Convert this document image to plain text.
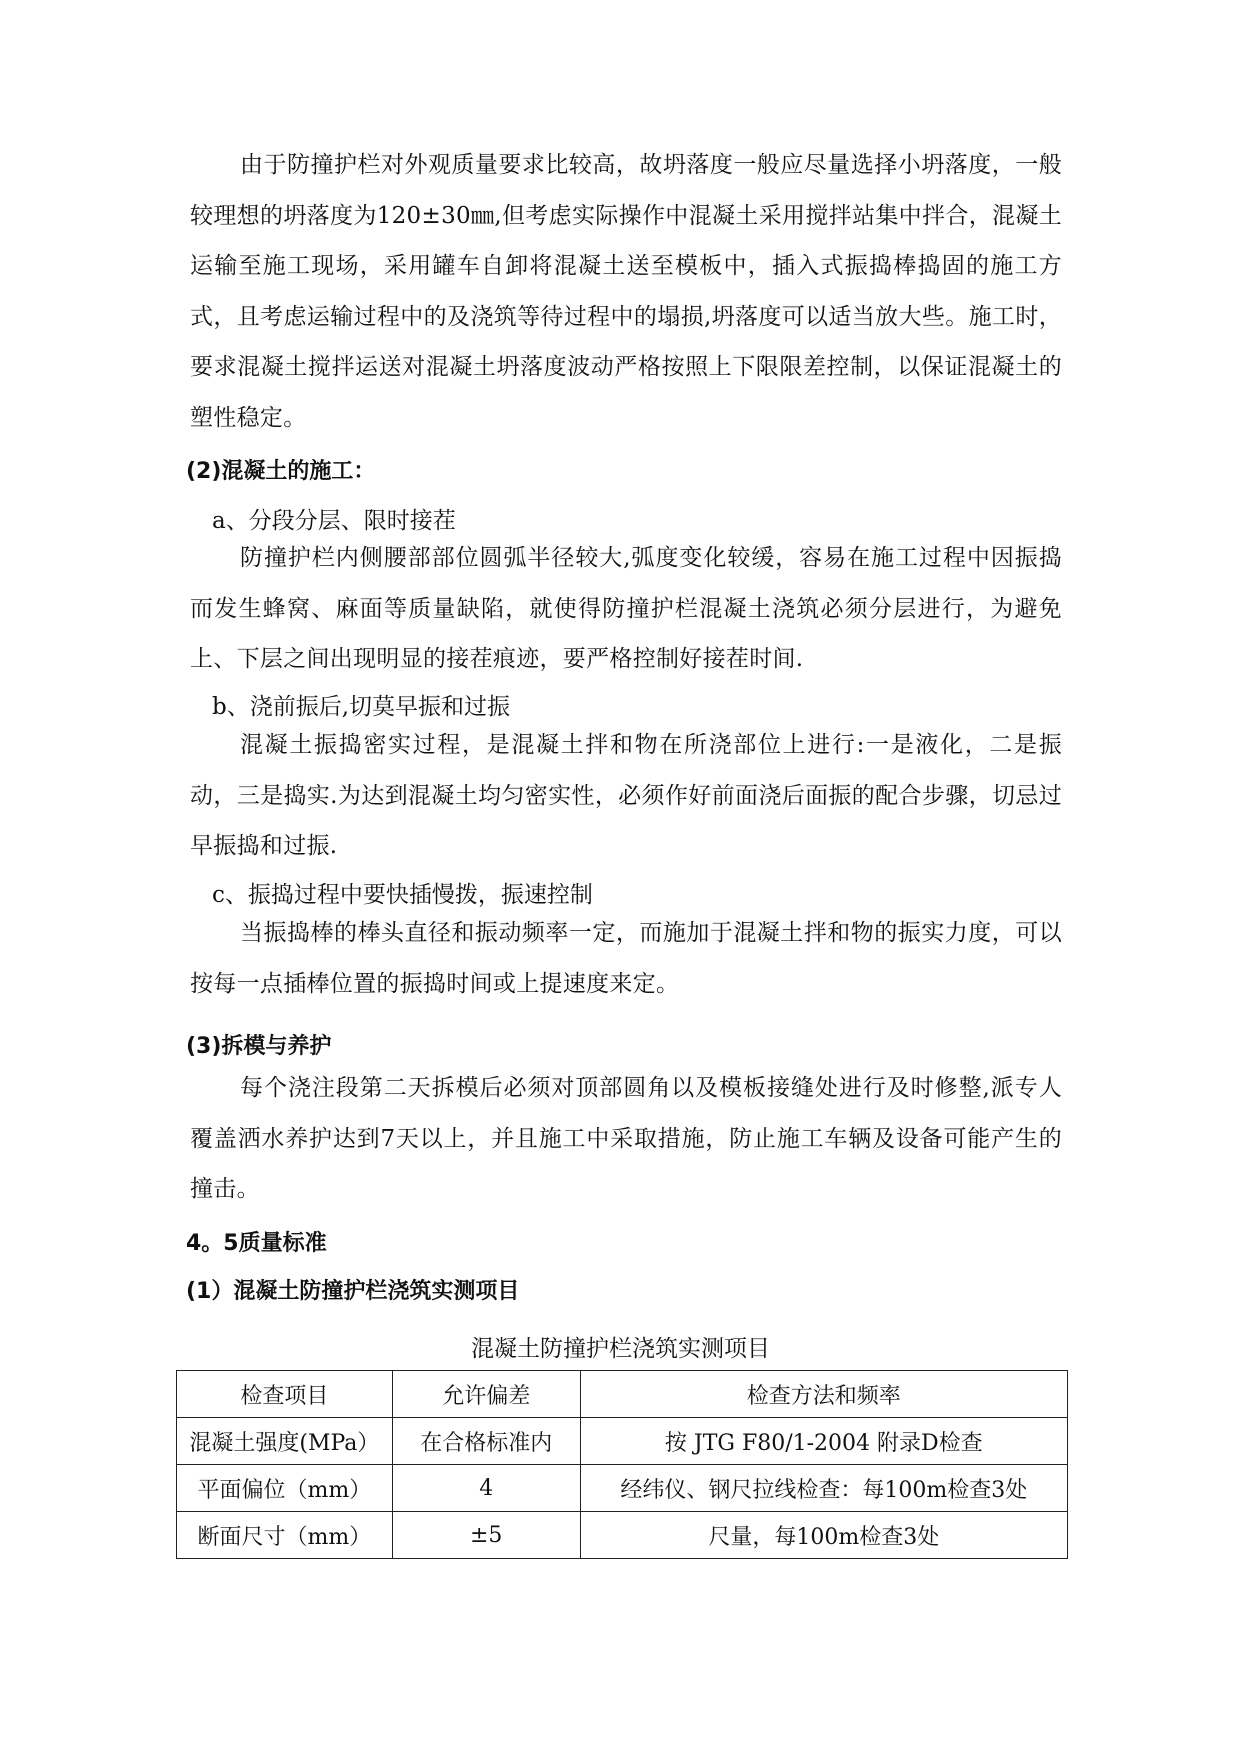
由于防撞护栏对外观质量要求比较高，故坍落度一般应尽量选择小坍落度，一般较理想的坍落度为120±30㎜,但考虑实际操作中混凝土采用搅拌站集中拌合，混凝土运输至施工现场，采用罐车自卸将混凝土送至模板中，插入式振捣棒捣固的施工方式，且考虑运输过程中的及浇筑等待过程中的塌损,坍落度可以适当放大些。施工时，要求混凝土搅拌运送对混凝土坍落度波动严格按照上下限限差控制，以保证混凝土的塑性稳定。

(2)混凝土的施工：

a、分段分层、限时接茬

防撞护栏内侧腰部部位圆弧半径较大,弧度变化较缓，容易在施工过程中因振捣而发生蜂窝、麻面等质量缺陷，就使得防撞护栏混凝土浇筑必须分层进行，为避免上、下层之间出现明显的接茬痕迹，要严格控制好接茬时间.

b、浇前振后,切莫早振和过振

混凝土振捣密实过程，是混凝土拌和物在所浇部位上进行:一是液化，二是振动，三是捣实.为达到混凝土均匀密实性，必须作好前面浇后面振的配合步骤，切忌过早振捣和过振.

c、振捣过程中要快插慢拨，振速控制

当振捣棒的棒头直径和振动频率一定，而施加于混凝土拌和物的振实力度，可以按每一点插棒位置的振捣时间或上提速度来定。

(3)拆模与养护

每个浇注段第二天拆模后必须对顶部圆角以及模板接缝处进行及时修整,派专人覆盖洒水养护达到7天以上，并且施工中采取措施，防止施工车辆及设备可能产生的撞击。

4。5质量标准

(1）混凝土防撞护栏浇筑实测项目

混凝土防撞护栏浇筑实测项目
检查项目	允许偏差	检查方法和频率
混凝土强度(MPa）	在合格标准内	按 JTG F80/1-2004 附录D检查
平面偏位（mm）	4	经纬仪、钢尺拉线检查：每100m检查3处
断面尺寸（mm）	±5	尺量，每100m检查3处
